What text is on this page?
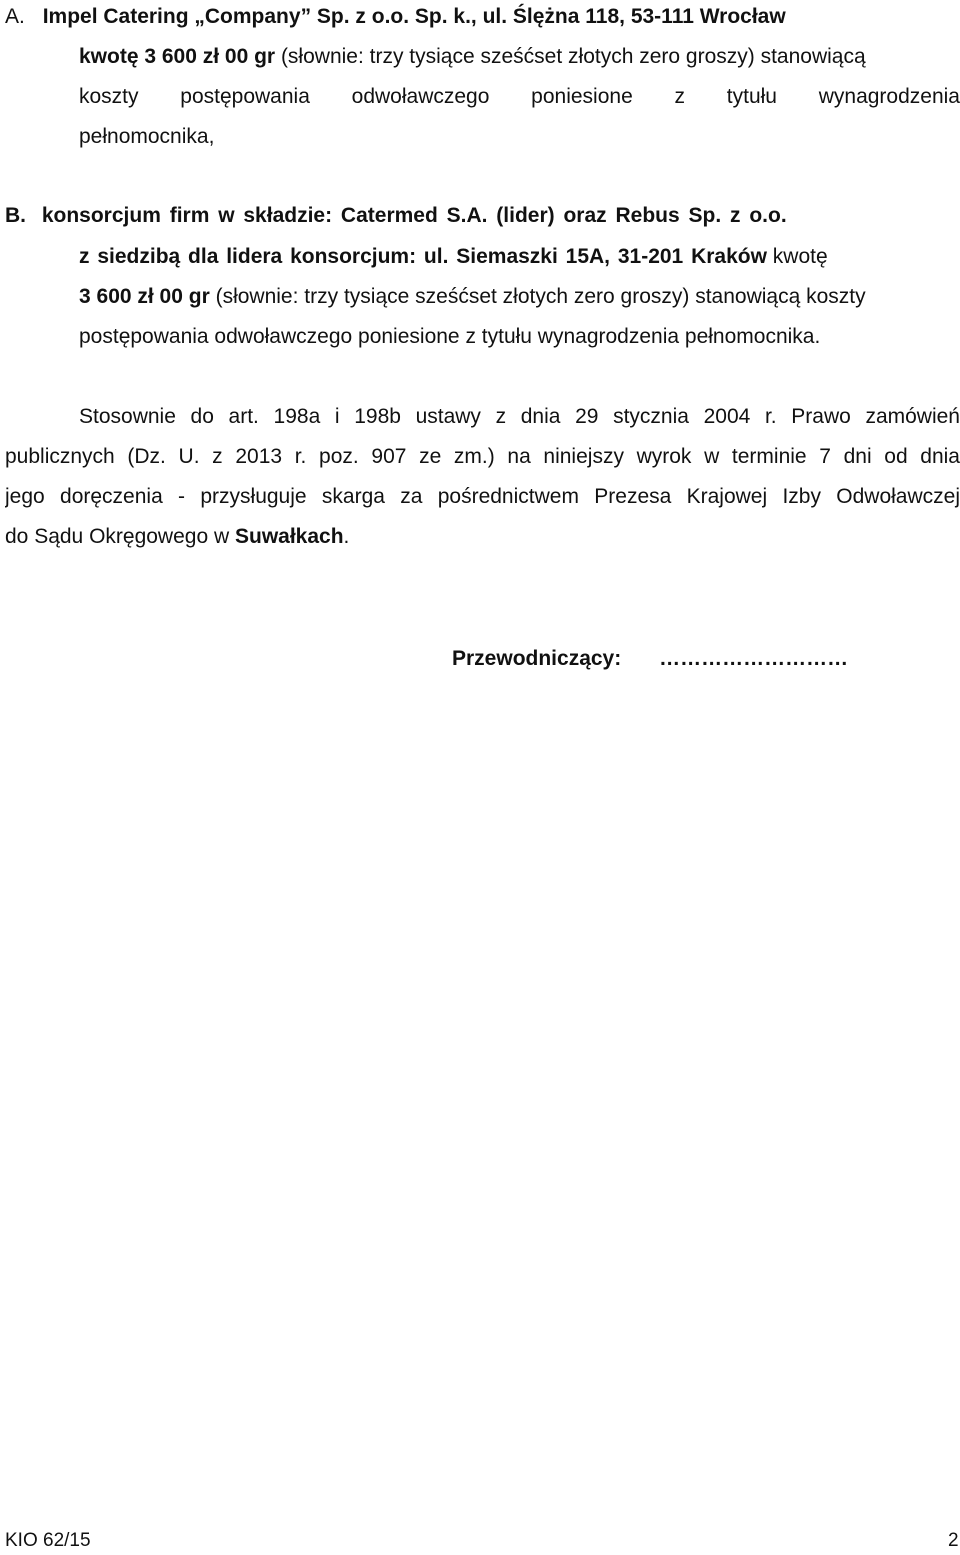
A. Impel Catering „Company” Sp. z o.o. Sp. k., ul. Ślężna 118, 53-111 Wrocław
kwotę 3 600 zł 00 gr (słownie: trzy tysiące sześćset złotych zero groszy) stanowiącą
koszty postępowania odwoławczego poniesione z tytułu wynagrodzenia
pełnomocnika,
B. konsorcjum firm w składzie: Catermed S.A. (lider) oraz Rebus Sp. z o.o.
z siedzibą dla lidera konsorcjum: ul. Siemaszki 15A, 31-201 Kraków kwotę
3 600 zł 00 gr (słownie: trzy tysiące sześćset złotych zero groszy) stanowiącą koszty
postępowania odwoławczego poniesione z tytułu wynagrodzenia pełnomocnika.
Stosownie do art. 198a i 198b ustawy z dnia 29 stycznia 2004 r. Prawo zamówień
publicznych (Dz. U. z 2013 r. poz. 907 ze zm.) na niniejszy wyrok w terminie 7 dni od dnia
jego doręczenia - przysługuje skarga za pośrednictwem Prezesa Krajowej Izby Odwoławczej
do Sądu Okręgowego w Suwałkach.
Przewodniczący: ………………………
KIO 62/15	2
